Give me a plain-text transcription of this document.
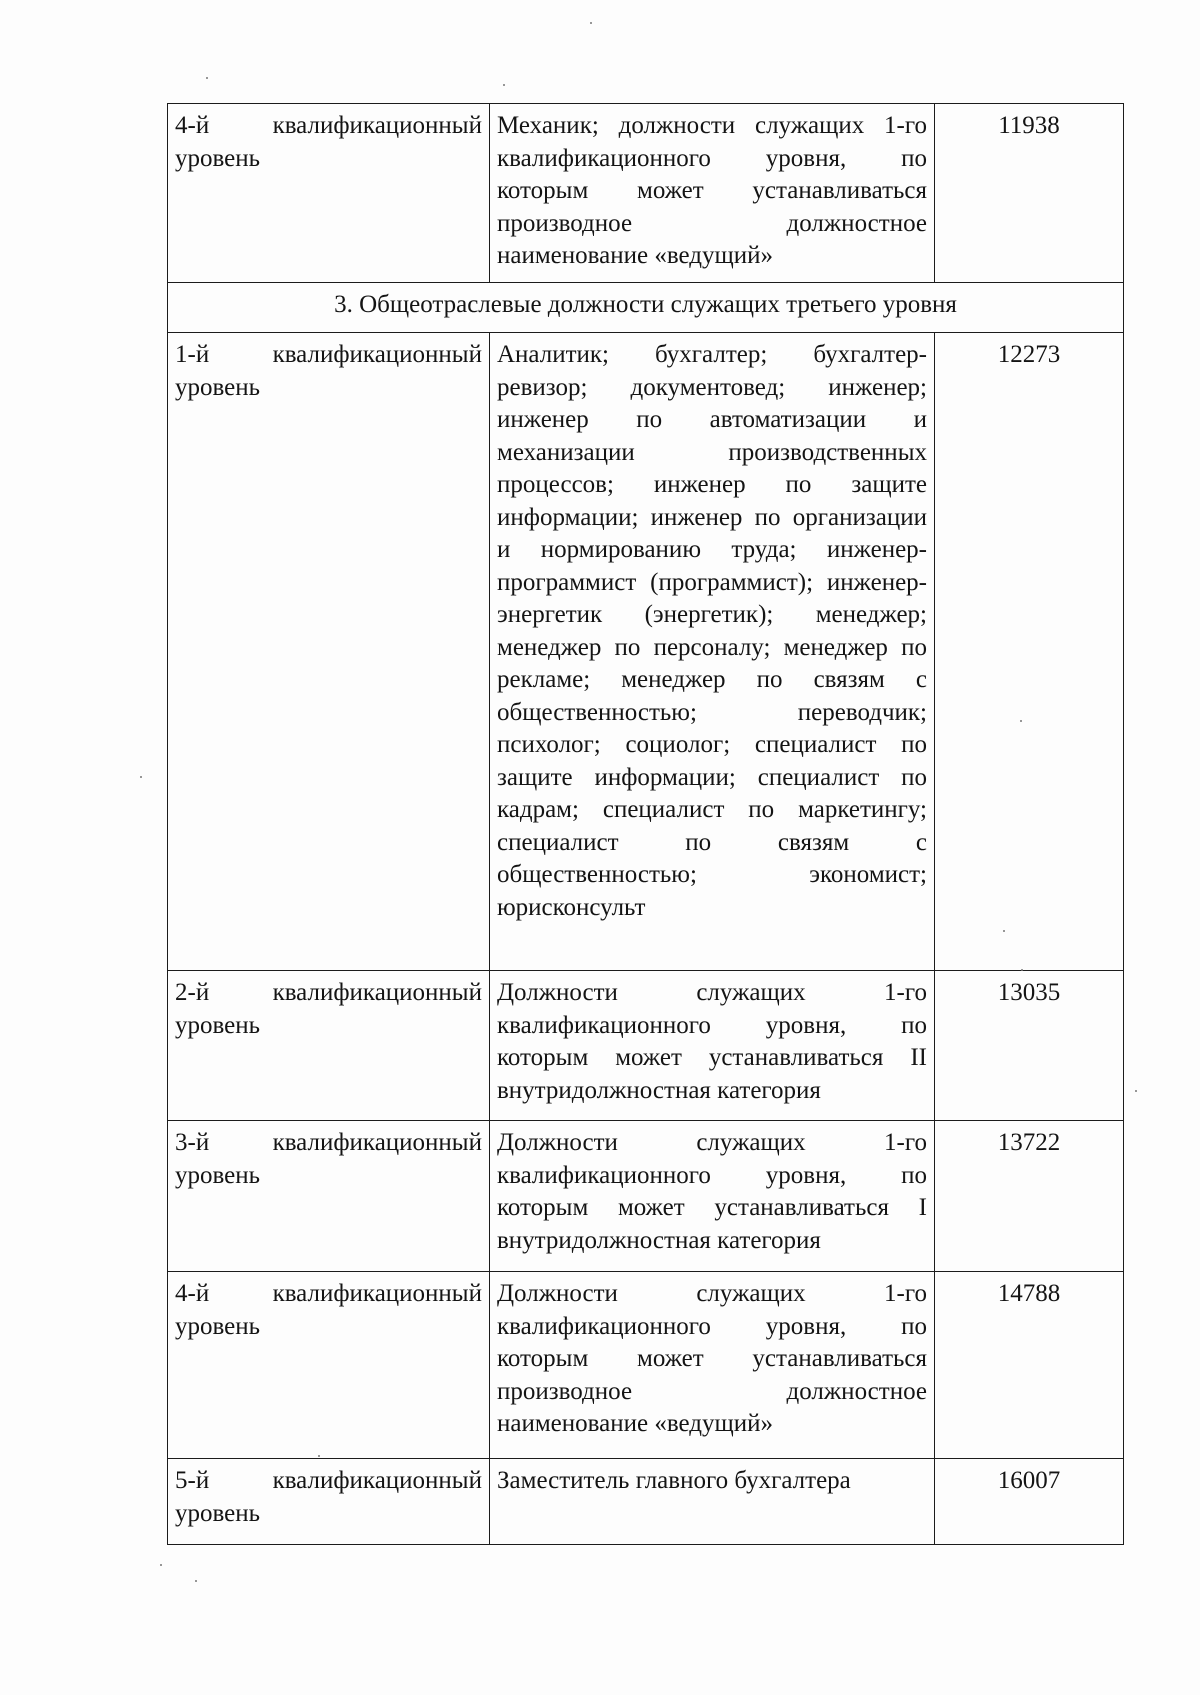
4-й квалификационный уровень	Механик; должности служащих 1-го квалификационного уровня, по которым может устанавливаться производное должностное наименование «ведущий»	11938
3. Общеотраслевые должности служащих третьего уровня		
1-й квалификационный уровень	Аналитик; бухгалтер; бухгалтер-ревизор; документовед; инженер; инженер по автоматизации и механизации производственных процессов; инженер по защите информации; инженер по организации и нормированию труда; инженер-программист (программист); инженер-энергетик (энергетик); менеджер; менеджер по персоналу; менеджер по рекламе; менеджер по связям с общественностью; переводчик; психолог; социолог; специалист по защите информации; специалист по кадрам; специалист по маркетингу; специалист по связям с общественностью; экономист; юрисконсульт	12273
2-й квалификационный уровень	Должности служащих 1-го квалификационного уровня, по которым может устанавливаться II внутридолжностная категория	13035
3-й квалификационный уровень	Должности служащих 1-го квалификационного уровня, по которым может устанавливаться I внутридолжностная категория	13722
4-й квалификационный уровень	Должности служащих 1-го квалификационного уровня, по которым может устанавливаться производное должностное наименование «ведущий»	14788
5-й квалификационный уровень	Заместитель главного бухгалтера	16007
